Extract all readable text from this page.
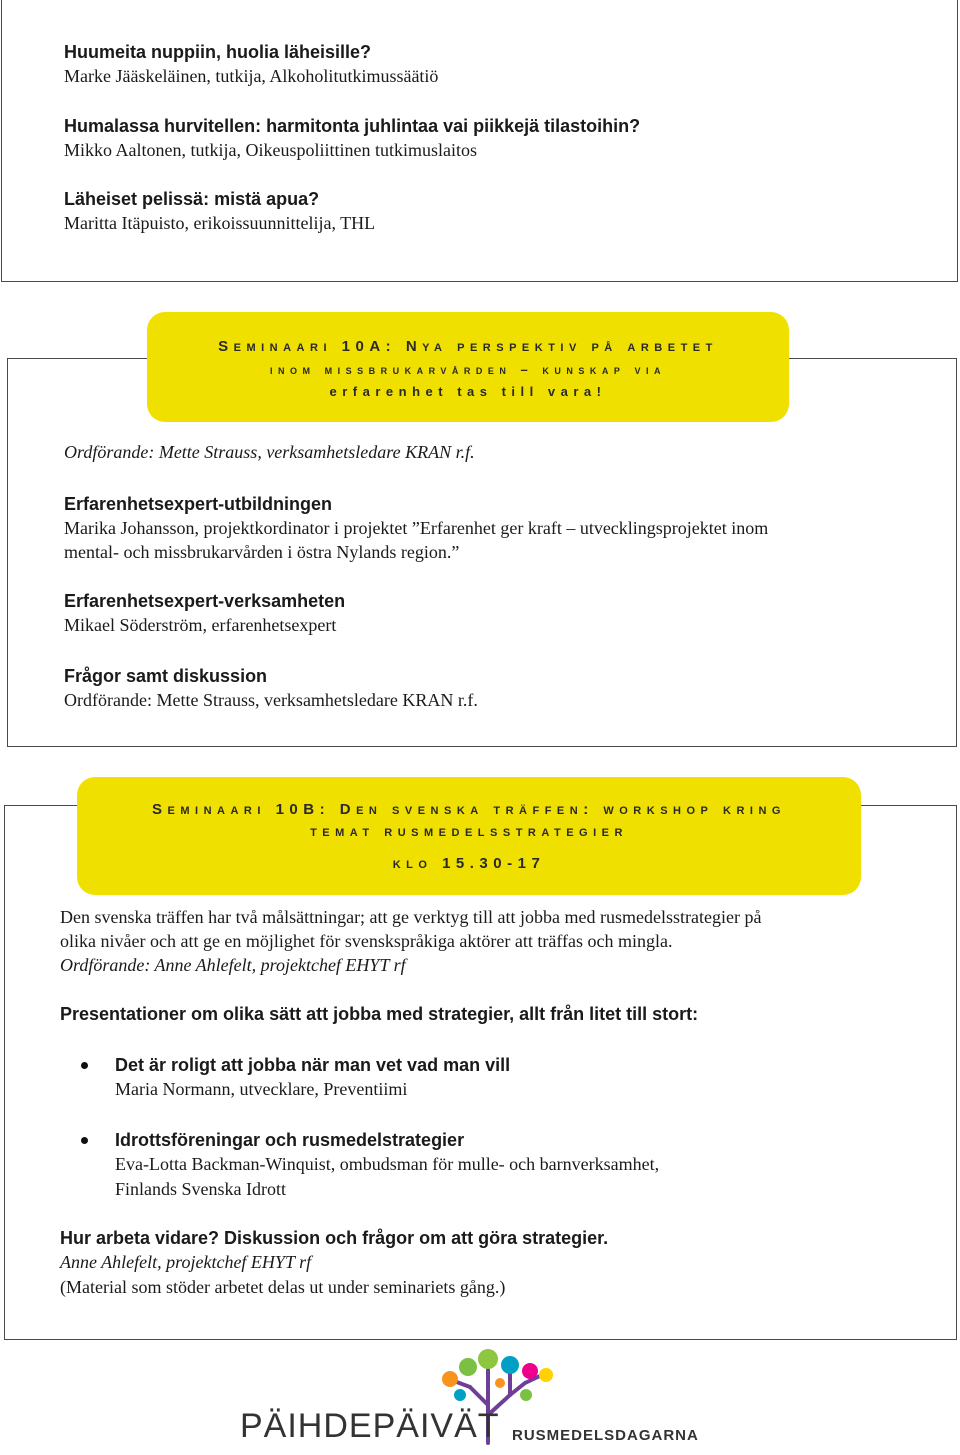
Huumeita nuppiin, huolia läheisille?
Marke Jääskeläinen, tutkija, Alkoholitutkimussäätiö
Humalassa hurvitellen: harmitonta juhlintaa vai piikkejä tilastoihin?
Mikko Aaltonen, tutkija, Oikeuspoliittinen tutkimuslaitos
Läheiset pelissä: mistä apua?
Maritta Itäpuisto, erikoissuunnittelija, THL
Seminaari 10A: Nya perspektiv på arbetet
inom missbrukarvården – kunskap via
erfarenhet tas till vara!
Ordförande: Mette Strauss, verksamhetsledare KRAN r.f.
Erfarenhetsexpert-utbildningen
Marika Johansson, projektkordinator i projektet ”Erfarenhet ger kraft – utvecklingsprojektet inom
mental- och missbrukarvården i östra Nylands region.”
Erfarenhetsexpert-verksamheten
Mikael Söderström, erfarenhetsexpert
Frågor samt diskussion
Ordförande: Mette Strauss, verksamhetsledare KRAN r.f.
Seminaari 10B: Den svenska träffen: workshop kring
temat rusmedelsstrategier
klo 15.30-17
Den svenska träffen har två målsättningar; att ge verktyg till att jobba med rusmedelsstrategier på
olika nivåer och att ge en möjlighet för svenskspråkiga aktörer att träffas och mingla.
Ordförande: Anne Ahlefelt, projektchef EHYT rf
Presentationer om olika sätt att jobba med strategier, allt från litet till stort:
Det är roligt att jobba när man vet vad man vill
Maria Normann, utvecklare, Preventiimi
Idrottsföreningar och rusmedelstrategier
Eva-Lotta Backman-Winquist, ombudsman för mulle- och barnverksamhet,
Finlands Svenska Idrott
Hur arbeta vidare? Diskussion och frågor om att göra strategier.
Anne Ahlefelt, projektchef EHYT rf
(Material som stöder arbetet delas ut under seminariets gång.)
PÄIHDEPÄIVÄT RUSMEDELSDAGARNA
